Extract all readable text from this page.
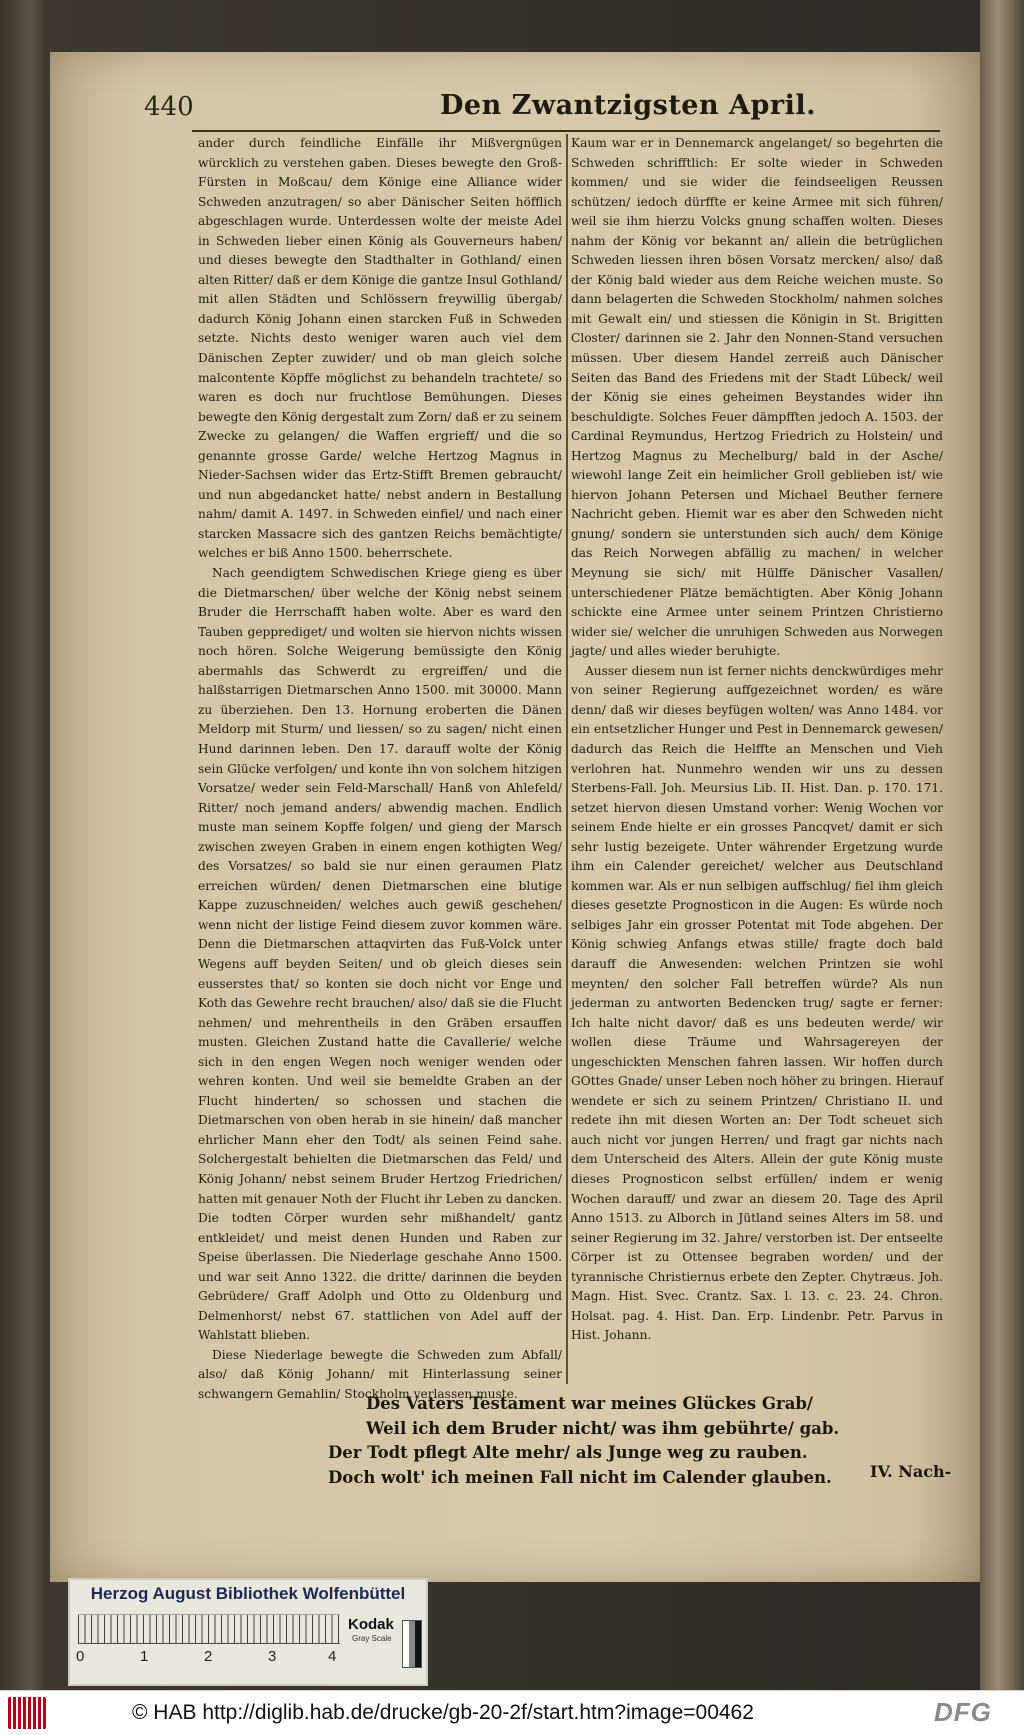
440	Den Zwantzigsten April.

ander durch feindliche Einfälle ihr Mißvergnügen würcklich zu verstehen gaben. Dieses bewegte den Groß-Fürsten in Moßcau/ dem Könige eine Alliance wider Schweden anzutragen/ so aber Dänischer Seiten höfflich abgeschlagen wurde. Unterdessen wolte der meiste Adel in Schweden lieber einen König als Gouverneurs haben/ und dieses bewegte den Stadthalter in Gothland/ einen alten Ritter/ daß er dem Könige die gantze Insul Gothland/ mit allen Städten und Schlössern freywillig übergab/ dadurch König Johann einen starcken Fuß in Schweden setzte. Nichts desto weniger waren auch viel dem Dänischen Zepter zuwider/ und ob man gleich solche malcontente Köpffe möglichst zu behandeln trachtete/ so waren es doch nur fruchtlose Bemühungen. Dieses bewegte den König dergestalt zum Zorn/ daß er zu seinem Zwecke zu gelangen/ die Waffen ergrieff/ und die so genannte grosse Garde/ welche Hertzog Magnus in Nieder-Sachsen wider das Ertz-Stifft Bremen gebraucht/ und nun abgedancket hatte/ nebst andern in Bestallung nahm/ damit A. 1497. in Schweden einfiel/ und nach einer starcken Massacre sich des gantzen Reichs bemächtigte/ welches er biß Anno 1500. beherrschete.

Nach geendigtem Schwedischen Kriege gieng es über die Dietmarschen/ über welche der König nebst seinem Bruder die Herrschafft haben wolte. Aber es ward den Tauben gepprediget/ und wolten sie hiervon nichts wissen noch hören. Solche Weigerung bemüssigte den König abermahls das Schwerdt zu ergreiffen/ und die halßstarrigen Dietmarschen Anno 1500. mit 30000. Mann zu überziehen. Den 13. Hornung eroberten die Dänen Meldorp mit Sturm/ und liessen/ so zu sagen/ nicht einen Hund darinnen leben. Den 17. darauff wolte der König sein Glücke verfolgen/ und konte ihn von solchem hitzigen Vorsatze/ weder sein Feld-Marschall/ Hanß von Ahlefeld/ Ritter/ noch jemand anders/ abwendig machen. Endlich muste man seinem Kopffe folgen/ und gieng der Marsch zwischen zweyen Graben in einem engen kothigten Weg/ des Vorsatzes/ so bald sie nur einen geraumen Platz erreichen würden/ denen Dietmarschen eine blutige Kappe zuzuschneiden/ welches auch gewiß geschehen/ wenn nicht der listige Feind diesem zuvor kommen wäre. Denn die Dietmarschen attaqvirten das Fuß-Volck unter Wegens auff beyden Seiten/ und ob gleich dieses sein eusserstes that/ so konten sie doch nicht vor Enge und Koth das Gewehre recht brauchen/ also/ daß sie die Flucht nehmen/ und mehrentheils in den Gräben ersauffen musten. Gleichen Zustand hatte die Cavallerie/ welche sich in den engen Wegen noch weniger wenden oder wehren konten. Und weil sie bemeldte Graben an der Flucht hinderten/ so schossen und stachen die Dietmarschen von oben herab in sie hinein/ daß mancher ehrlicher Mann eher den Todt/ als seinen Feind sahe. Solchergestalt behielten die Dietmarschen das Feld/ und König Johann/ nebst seinem Bruder Hertzog Friedrichen/ hatten mit genauer Noth der Flucht ihr Leben zu dancken. Die todten Cörper wurden sehr mißhandelt/ gantz entkleidet/ und meist denen Hunden und Raben zur Speise überlassen. Die Niederlage geschahe Anno 1500. und war seit Anno 1322. die dritte/ darinnen die beyden Gebrüdere/ Graff Adolph und Otto zu Oldenburg und Delmenhorst/ nebst 67. stattlichen von Adel auff der Wahlstatt blieben.

Diese Niederlage bewegte die Schweden zum Abfall/ also/ daß König Johann/ mit Hinterlassung seiner schwangern Gemahlin/ Stockholm verlassen muste.

Kaum war er in Dennemarck angelanget/ so begehrten die Schweden schrifftlich: Er solte wieder in Schweden kommen/ und sie wider die feindseeligen Reussen schützen/ iedoch dürffte er keine Armee mit sich führen/ weil sie ihm hierzu Volcks gnung schaffen wolten. Dieses nahm der König vor bekannt an/ allein die betrüglichen Schweden liessen ihren bösen Vorsatz mercken/ also/ daß der König bald wieder aus dem Reiche weichen muste. So dann belagerten die Schweden Stockholm/ nahmen solches mit Gewalt ein/ und stiessen die Königin in St. Brigitten Closter/ darinnen sie 2. Jahr den Nonnen-Stand versuchen müssen. Uber diesem Handel zerreiß auch Dänischer Seiten das Band des Friedens mit der Stadt Lübeck/ weil der König sie eines geheimen Beystandes wider ihn beschuldigte. Solches Feuer dämpfften jedoch A. 1503. der Cardinal Reymundus, Hertzog Friedrich zu Holstein/ und Hertzog Magnus zu Mechelburg/ bald in der Asche/ wiewohl lange Zeit ein heimlicher Groll geblieben ist/ wie hiervon Johann Petersen und Michael Beuther fernere Nachricht geben. Hiemit war es aber den Schweden nicht gnung/ sondern sie unterstunden sich auch/ dem Könige das Reich Norwegen abfällig zu machen/ in welcher Meynung sie sich/ mit Hülffe Dänischer Vasallen/ unterschiedener Plätze bemächtigten. Aber König Johann schickte eine Armee unter seinem Printzen Christierno wider sie/ welcher die unruhigen Schweden aus Norwegen jagte/ und alles wieder beruhigte.

Ausser diesem nun ist ferner nichts denckwürdiges mehr von seiner Regierung auffgezeichnet worden/ es wäre denn/ daß wir dieses beyfügen wolten/ was Anno 1484. vor ein entsetzlicher Hunger und Pest in Dennemarck gewesen/ dadurch das Reich die Helffte an Menschen und Vieh verlohren hat. Nunmehro wenden wir uns zu dessen Sterbens-Fall. Joh. Meursius Lib. II. Hist. Dan. p. 170. 171. setzet hiervon diesen Umstand vorher: Wenig Wochen vor seinem Ende hielte er ein grosses Pancqvet/ damit er sich sehr lustig bezeigete. Unter währender Ergetzung wurde ihm ein Calender gereichet/ welcher aus Deutschland kommen war. Als er nun selbigen auffschlug/ fiel ihm gleich dieses gesetzte Prognosticon in die Augen: Es würde noch selbiges Jahr ein grosser Potentat mit Tode abgehen. Der König schwieg Anfangs etwas stille/ fragte doch bald darauff die Anwesenden: welchen Printzen sie wohl meynten/ den solcher Fall betreffen würde? Als nun jederman zu antworten Bedencken trug/ sagte er ferner: Ich halte nicht davor/ daß es uns bedeuten werde/ wir wollen diese Träume und Wahrsagereyen der ungeschickten Menschen fahren lassen. Wir hoffen durch GOttes Gnade/ unser Leben noch höher zu bringen. Hierauf wendete er sich zu seinem Printzen/ Christiano II. und redete ihn mit diesen Worten an: Der Todt scheuet sich auch nicht vor jungen Herren/ und fragt gar nichts nach dem Unterscheid des Alters. Allein der gute König muste dieses Prognosticon selbst erfüllen/ indem er wenig Wochen darauff/ und zwar an diesem 20. Tage des April Anno 1513. zu Alborch in Jütland seines Alters im 58. und seiner Regierung im 32. Jahre/ verstorben ist. Der entseelte Cörper ist zu Ottensee begraben worden/ und der tyrannische Christiernus erbete den Zepter. Chytræus. Joh. Magn. Hist. Svec. Crantz. Sax. l. 13. c. 23. 24. Chron. Holsat. pag. 4. Hist. Dan. Erp. Lindenbr. Petr. Parvus in Hist. Johann.

Des Vaters Testament war meines Glückes Grab/
Weil ich dem Bruder nicht/ was ihm gebührte/ gab.
Der Todt pflegt Alte mehr/ als Junge weg zu rauben.
Doch wolt' ich meinen Fall nicht im Calender glauben.	IV. Nach-
Herzog August Bibliothek Wolfenbüttel
0	1	2	3	4
Kodak
Gray Scale
© HAB http://diglib.hab.de/drucke/gb-20-2f/start.htm?image=00462	DFG
